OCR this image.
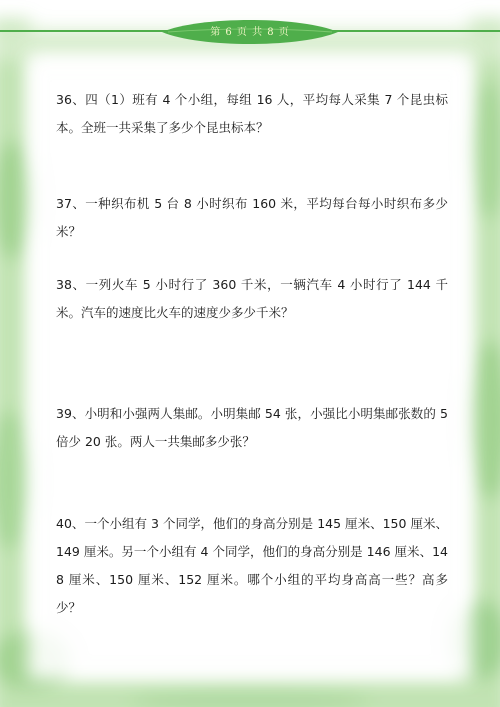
第 6 页 共 8 页
36、四（1）班有 4 个小组，每组 16 人，平均每人采集 7 个昆虫标本。全班一共采集了多少个昆虫标本？
37、一种织布机 5 台 8 小时织布 160 米，平均每台每小时织布多少米？
38、一列火车 5 小时行了 360 千米，一辆汽车 4 小时行了 144 千米。汽车的速度比火车的速度少多少千米？
39、小明和小强两人集邮。小明集邮 54 张，小强比小明集邮张数的 5 倍少 20 张。两人一共集邮多少张？
40、一个小组有 3 个同学，他们的身高分别是 145 厘米、150 厘米、149 厘米。另一个小组有 4 个同学，他们的身高分别是 146 厘米、148 厘米、150 厘米、152 厘米。哪个小组的平均身高高一些？高多少？
